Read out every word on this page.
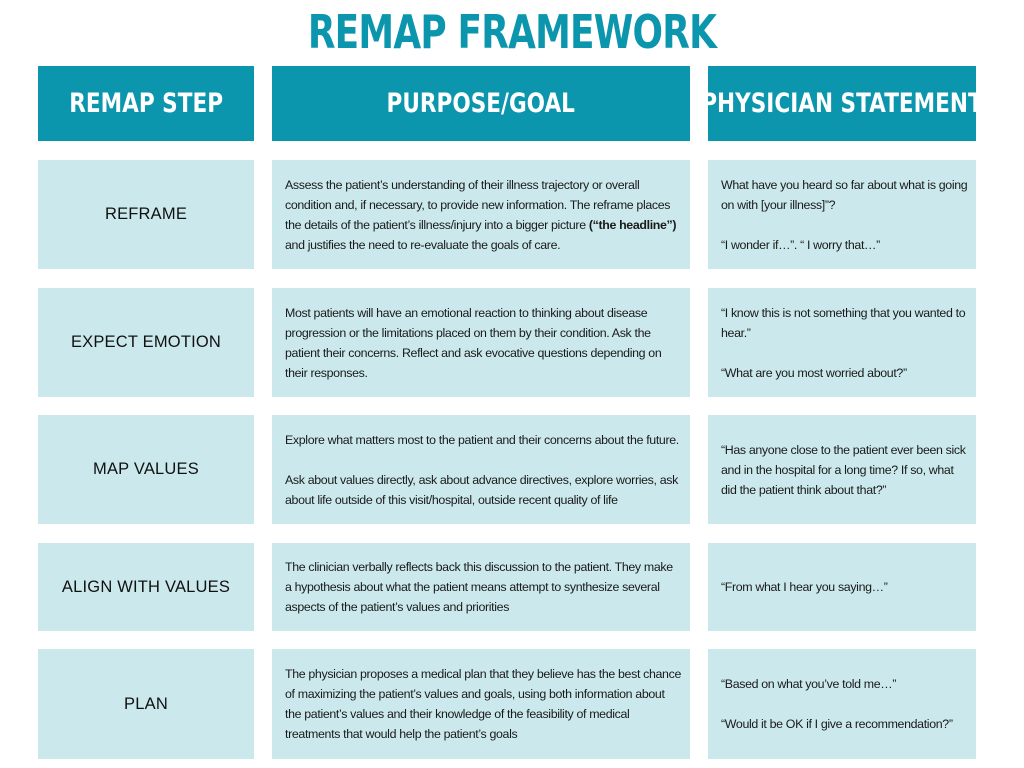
REMAP FRAMEWORK
REMAP STEP	PURPOSE/GOAL	PHYSICIAN STATEMENT
REFRAME
Assess the patient’s understanding of their illness trajectory or overall condition and, if necessary, to provide new information. The reframe places the details of the patient’s illness/injury into a bigger picture (“the headline”) and justifies the need to re-evaluate the goals of care.

What have you heard so far about what is going on with [your illness]”?

“I wonder if…”. “ I worry that…”

EXPECT EMOTION
Most patients will have an emotional reaction to thinking about disease progression or the limitations placed on them by their condition. Ask the patient their concerns. Reflect and ask evocative questions depending on their responses.

“I know this is not something that you wanted to hear.”

“What are you most worried about?”

MAP VALUES

Explore what matters most to the patient and their concerns about the future.

Ask about values directly, ask about advance directives, explore worries, ask about life outside of this visit/hospital, outside recent quality of life

“Has anyone close to the patient ever been sick and in the hospital for a long time? If so, what did the patient think about that?”

ALIGN WITH VALUES
The clinician verbally reflects back this discussion to the patient. They make a hypothesis about what the patient means attempt to synthesize several aspects of the patient’s values and priorities

“From what I hear you saying…”

PLAN
The physician proposes a medical plan that they believe has the best chance of maximizing the patient’s values and goals, using both information about the patient’s values and their knowledge of the feasibility of medical treatments that would help the patient’s goals

“Based on what you’ve told me…”

“Would it be OK if I give a recommendation?”
